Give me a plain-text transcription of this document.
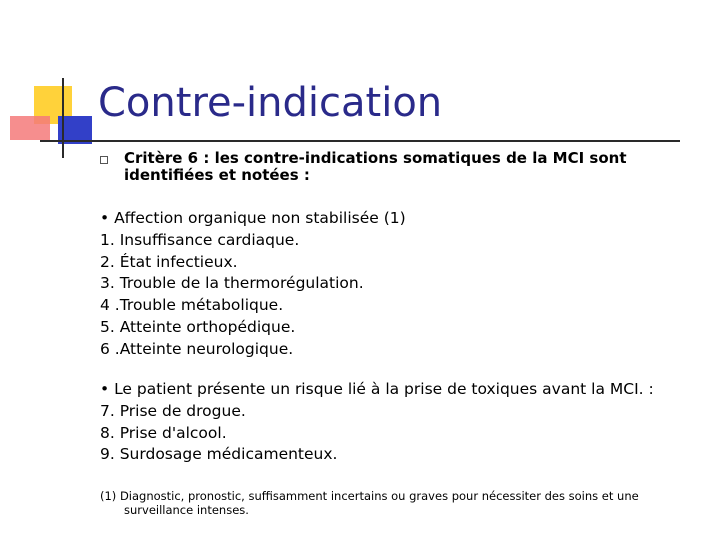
Contre-indication
Critère 6 : les contre-indications somatiques de la MCI sont identifiées et notées :
• Affection organique non stabilisée (1)
1. Insuffisance cardiaque.
2. État infectieux.
3. Trouble de la thermorégulation.
4 .Trouble métabolique.
5. Atteinte orthopédique.
6 .Atteinte neurologique.
• Le patient présente un risque lié à la prise de toxiques avant la MCI. :
7. Prise de drogue.
8. Prise d'alcool.
9. Surdosage médicamenteux.
(1) Diagnostic, pronostic, suffisamment incertains ou graves pour nécessiter des soins et une
surveillance intenses.
